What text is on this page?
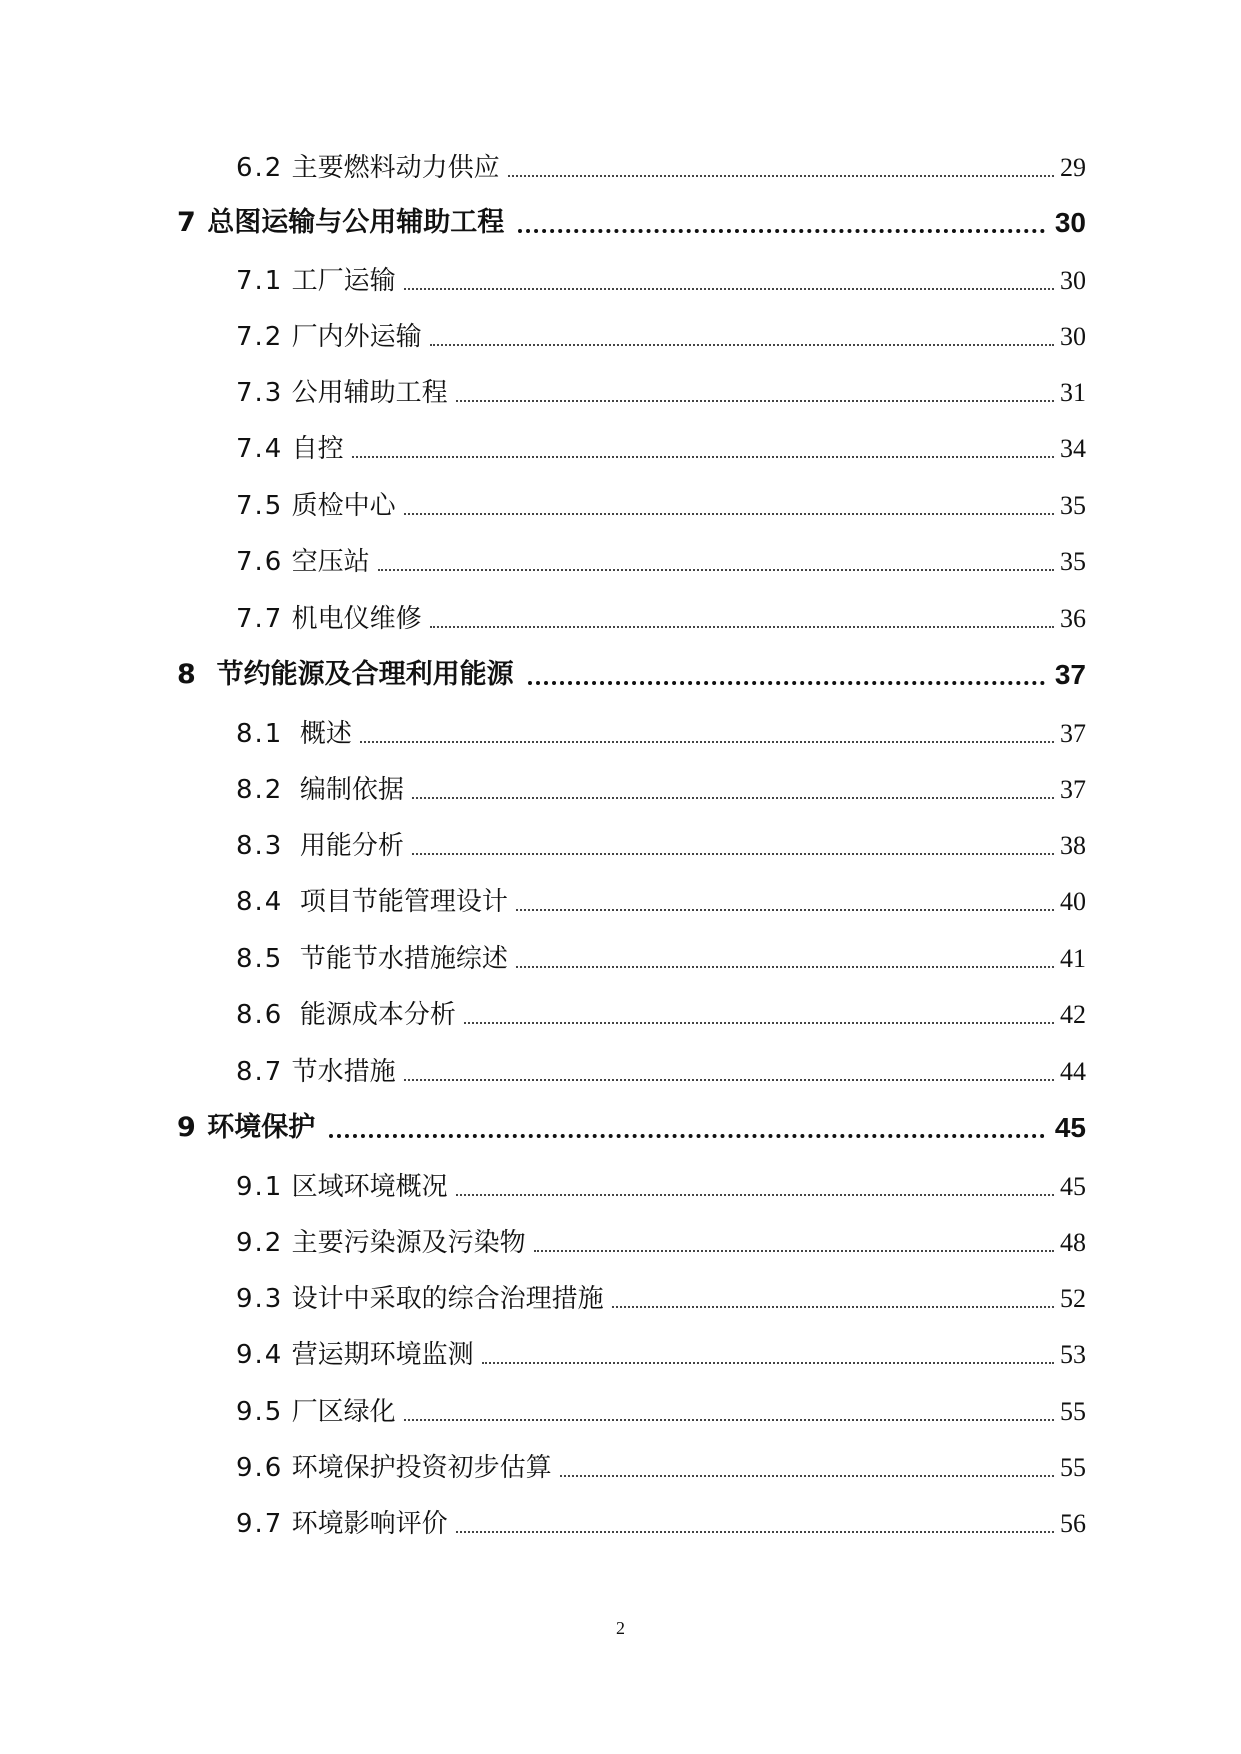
6.2 主要燃料动力供应	29
7 总图运输与公用辅助工程	30
7.1 工厂运输	30
7.2 厂内外运输	30
7.3 公用辅助工程	31
7.4 自控	34
7.5 质检中心	35
7.6 空压站	35
7.7 机电仪维修	36
8 节约能源及合理利用能源	37
8.1 概述	37
8.2 编制依据	37
8.3 用能分析	38
8.4 项目节能管理设计	40
8.5 节能节水措施综述	41
8.6 能源成本分析	42
8.7 节水措施	44
9 环境保护	45
9.1 区域环境概况	45
9.2 主要污染源及污染物	48
9.3 设计中采取的综合治理措施	52
9.4 营运期环境监测	53
9.5 厂区绿化	55
9.6 环境保护投资初步估算	55
9.7 环境影响评价	56
2
